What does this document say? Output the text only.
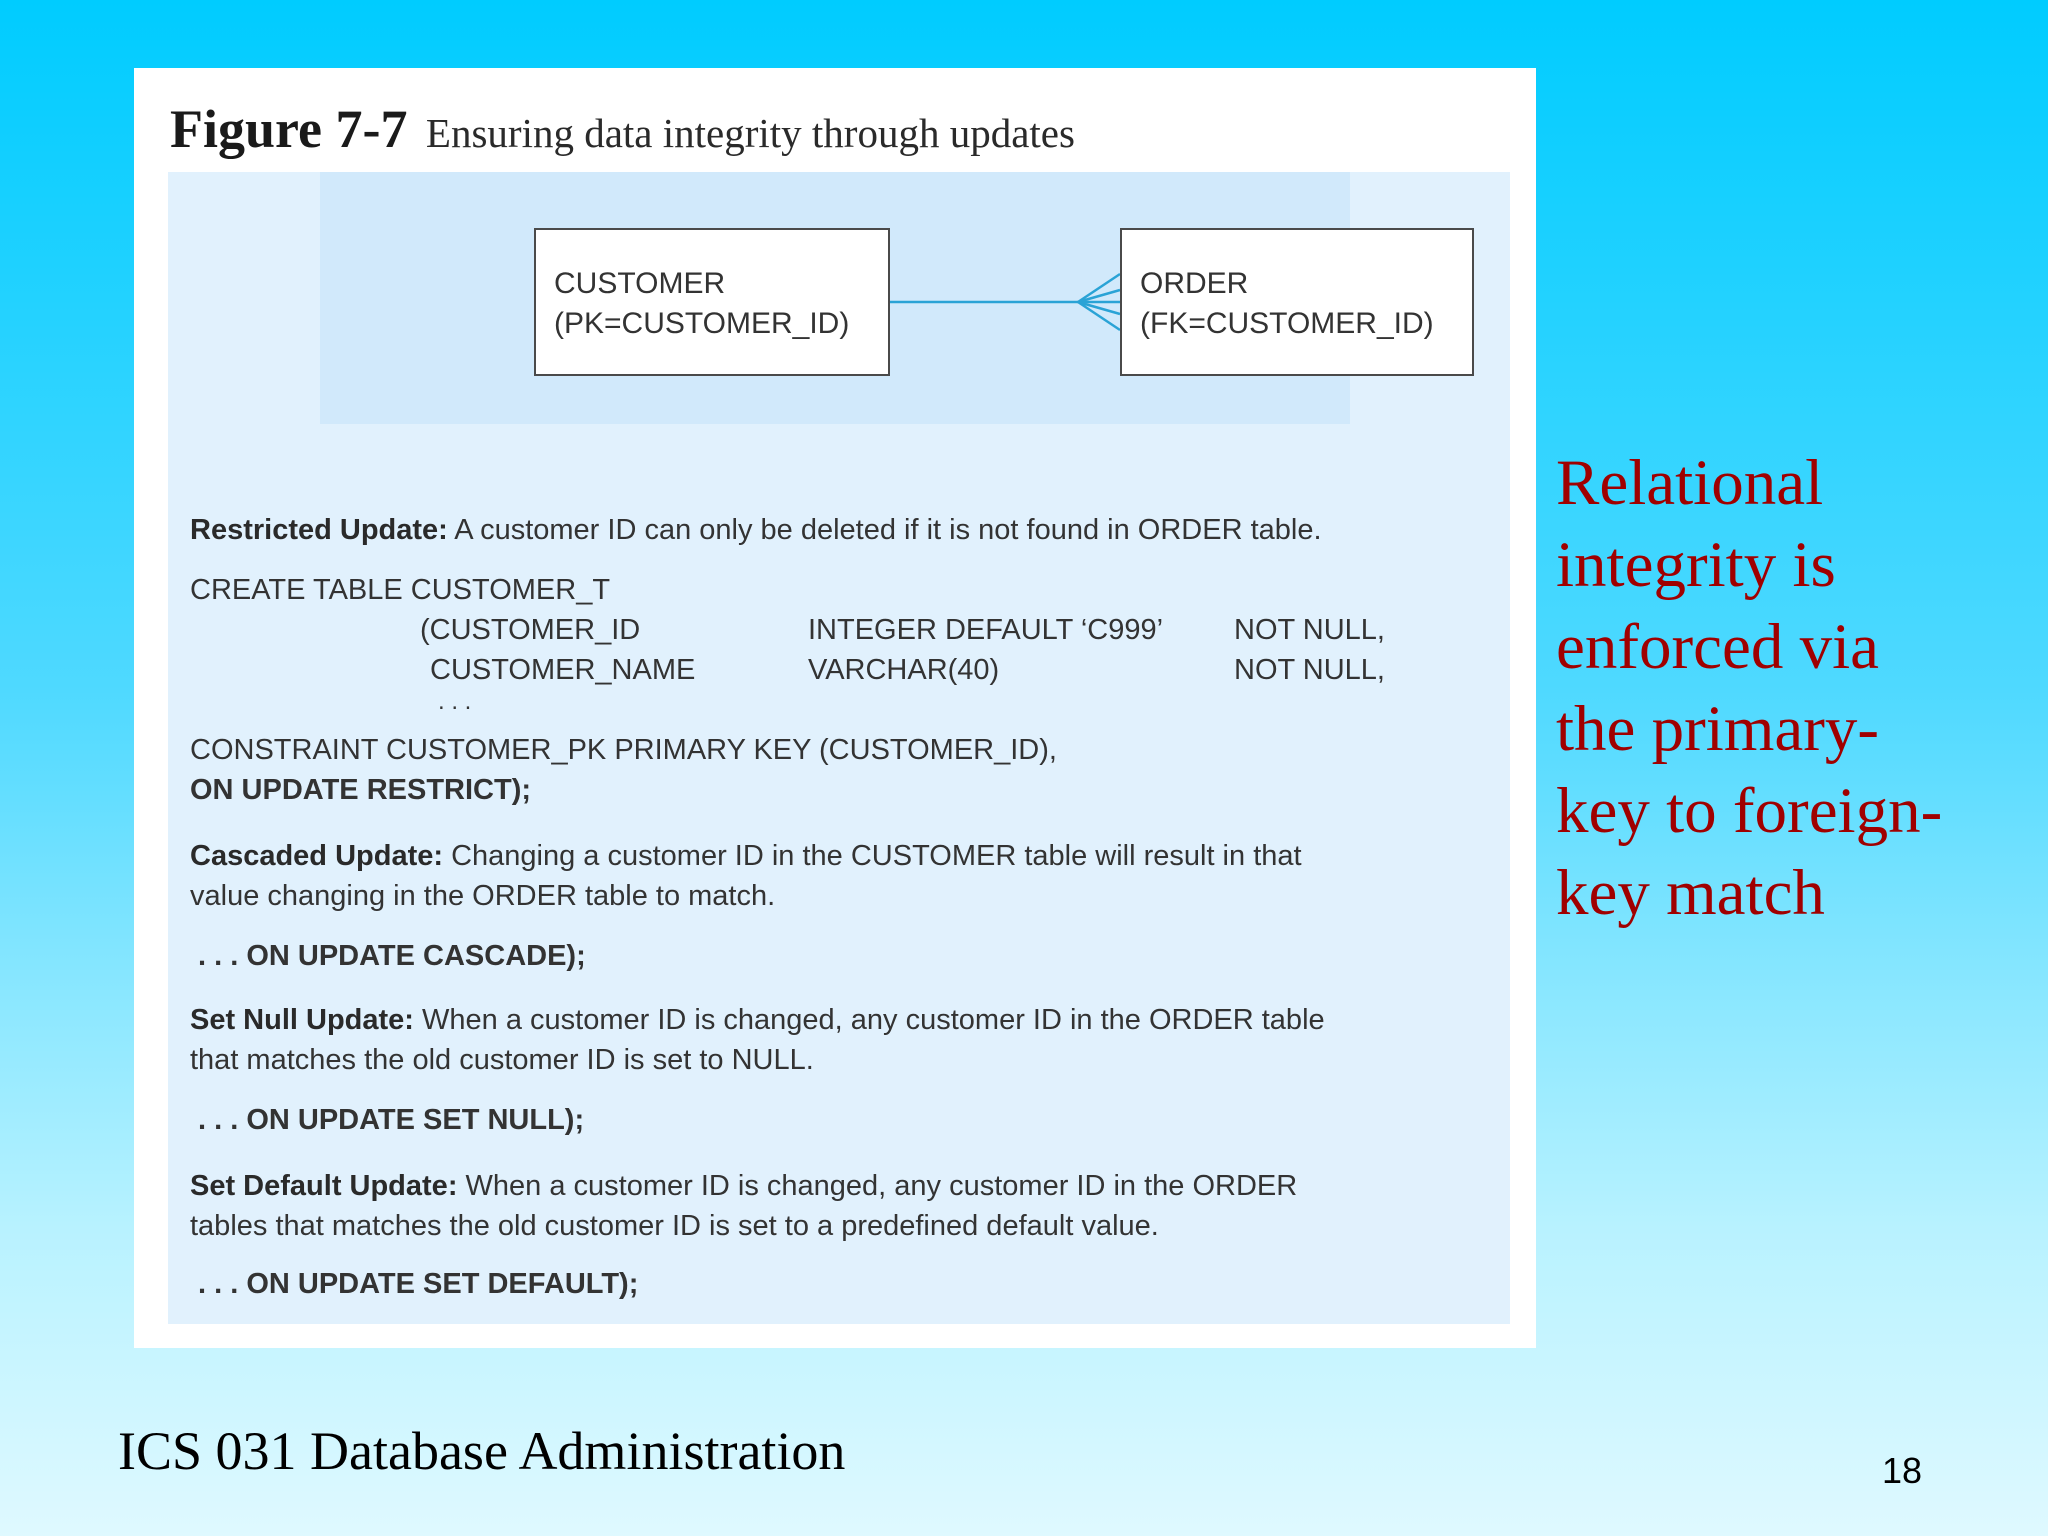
Figure 7-7 Ensuring data integrity through updates
CUSTOMER
(PK=CUSTOMER_ID)
ORDER
(FK=CUSTOMER_ID)
Restricted Update: A customer ID can only be deleted if it is not found in ORDER table.
CREATE TABLE CUSTOMER_T
(CUSTOMER_ID	INTEGER DEFAULT ‘C999’ NOT NULL,
CUSTOMER_NAME	VARCHAR(40)	NOT NULL,
. . .
CONSTRAINT CUSTOMER_PK PRIMARY KEY (CUSTOMER_ID),
ON UPDATE RESTRICT);
Cascaded Update: Changing a customer ID in the CUSTOMER table will result in that
value changing in the ORDER table to match.
. . . ON UPDATE CASCADE);
Set Null Update: When a customer ID is changed, any customer ID in the ORDER table
that matches the old customer ID is set to NULL.
. . . ON UPDATE SET NULL);
Set Default Update: When a customer ID is changed, any customer ID in the ORDER
tables that matches the old customer ID is set to a predefined default value.
. . . ON UPDATE SET DEFAULT);
Relational
integrity is
enforced via
the primary-
key to foreign-
key match
ICS 031 Database Administration	18
